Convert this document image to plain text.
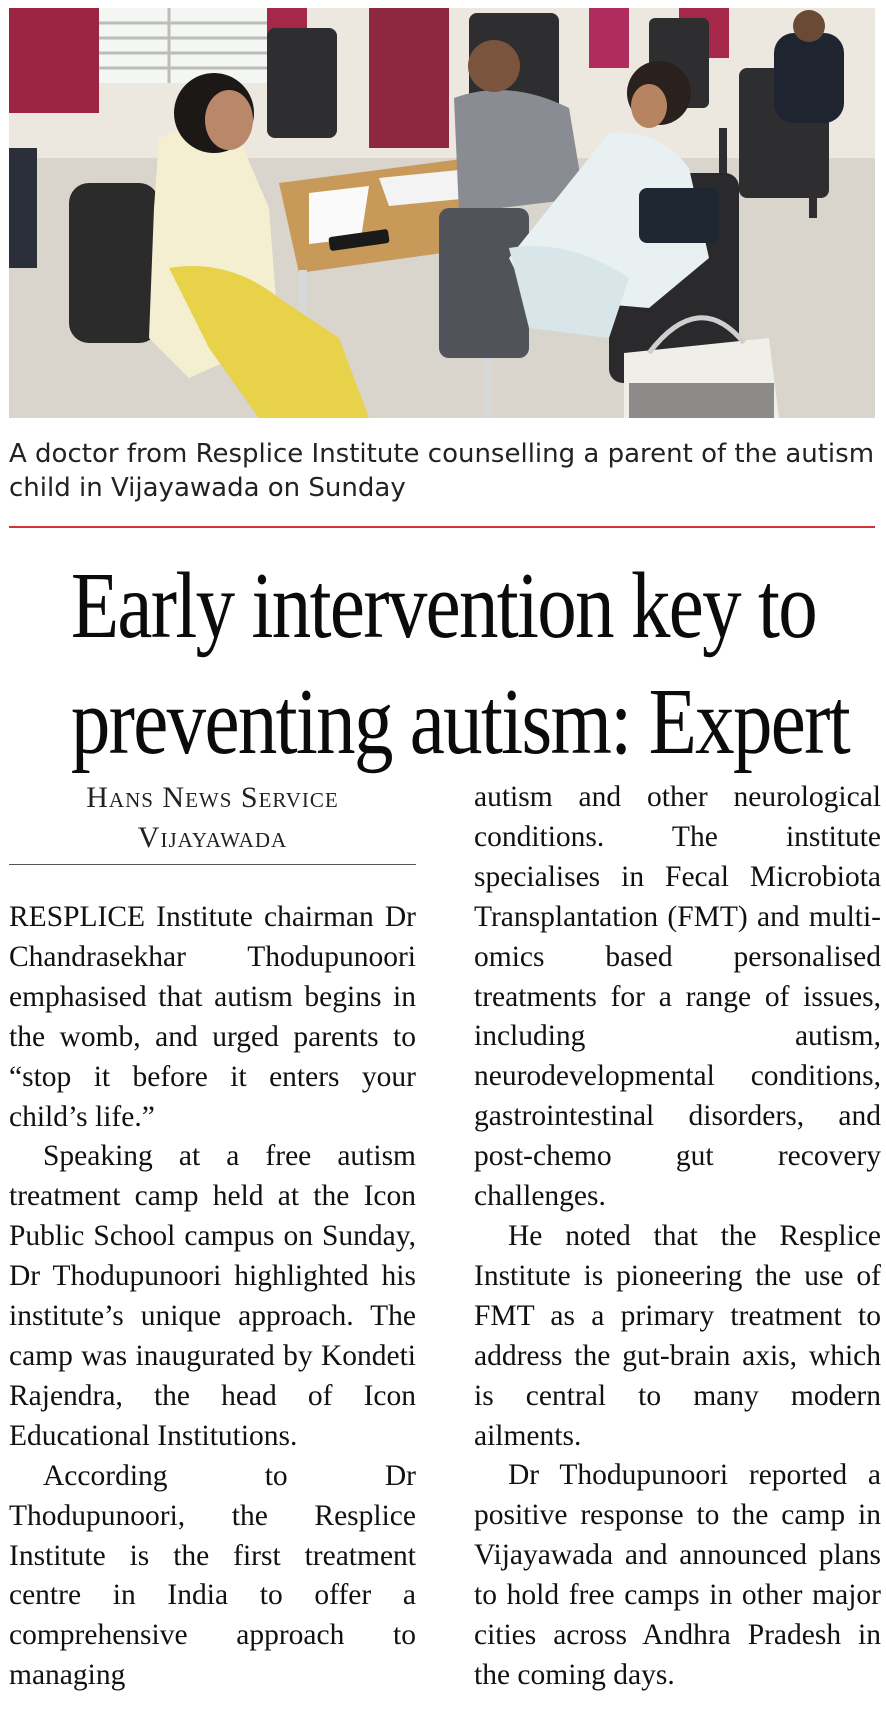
A doctor from Resplice Institute counselling a parent of the autism child in Vijayawada on Sunday

Early intervention key to
preventing autism: Expert
Hans News Service
Vijayawada

RESPLICE Institute chairman Dr Chandrasekhar Thodupunoori emphasised that autism begins in the womb, and urged parents to “stop it before it enters your child’s life.”

Speaking at a free autism treatment camp held at the Icon Public School campus on Sunday, Dr Thodupunoori highlighted his institute’s unique approach. The camp was inaugurated by Kondeti Rajendra, the head of Icon Educational Institutions.

According to Dr Thodupunoori, the Resplice Institute is the first treatment centre in India to offer a comprehensive approach to managing

autism and other neurological conditions. The institute specialises in Fecal Microbiota Transplantation (FMT) and multi-omics based personalised treatments for a range of issues, including autism, neurodevelopmental conditions, gastrointestinal disorders, and post-chemo gut recovery challenges.

He noted that the Resplice Institute is pioneering the use of FMT as a primary treatment to address the gut-brain axis, which is central to many modern ailments.

Dr Thodupunoori reported a positive response to the camp in Vijayawada and announced plans to hold free camps in other major cities across Andhra Pradesh in the coming days.
